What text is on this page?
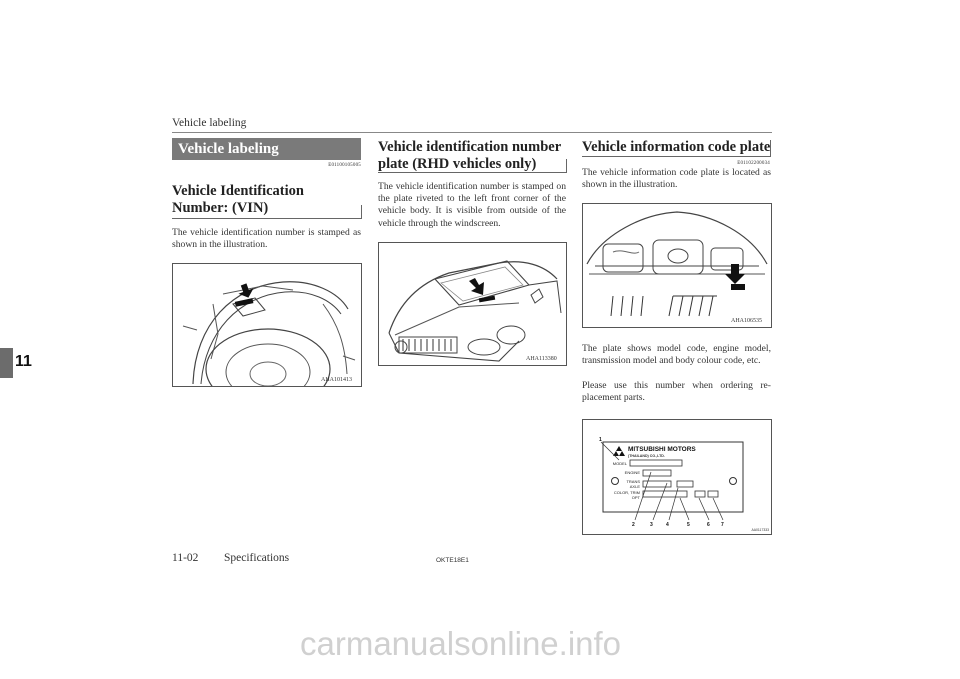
Vehicle labeling
11
Vehicle labeling
E01100105005
Vehicle Identification Number: (VIN)
The vehicle identification number is stamped as shown in the illustration.
AHA101413
Vehicle identification number plate (RHD vehicles only)
The vehicle identification number is stamped on the plate riveted to the left front corner of the vehicle body. It is visible from outside of the vehicle through the windscreen.
AHA113380
Vehicle information code plate
E01102200034
The vehicle information code plate is located as shown in the illustration.
AHA106535
The plate shows model code, engine model, transmission model and body colour code, etc.
Please use this number when ordering re-placement parts.
MITSUBISHI MOTORS
(THAILAND) CO.,LTD.
MODEL
ENGINE
TRANS
AXLE
COLOR, TRIM
OPT
1
2	3	4	5	6 7
AA0117333
11-02 Specifications	OKTE18E1
carmanualsonline.info
